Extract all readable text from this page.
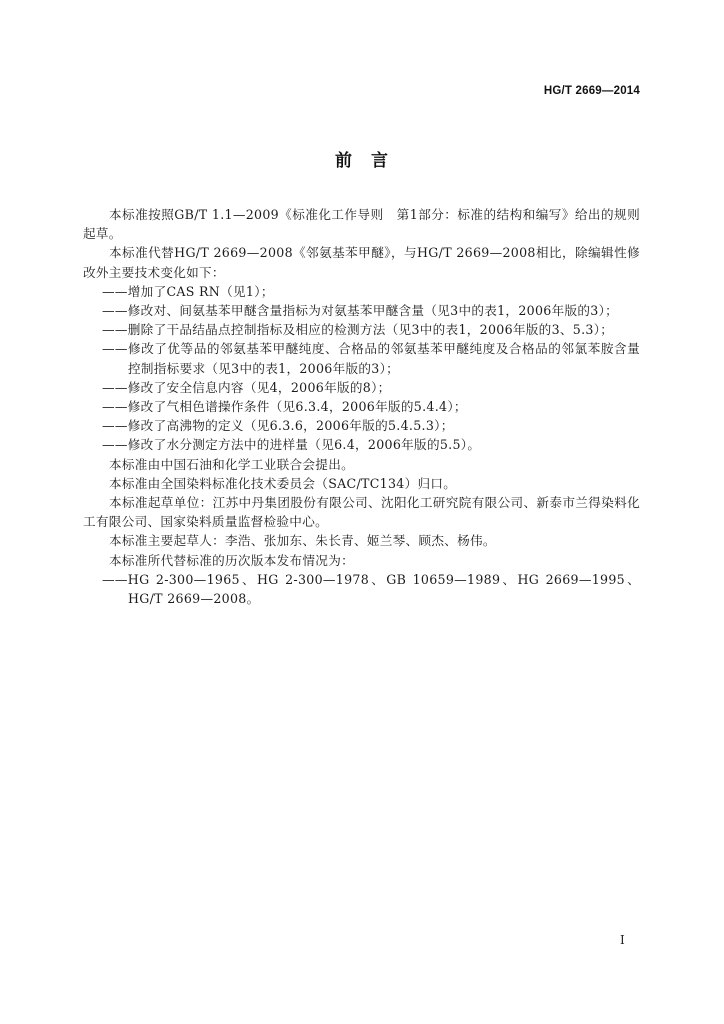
HG/T 2669—2014
前　言

本标准按照GB/T 1.1—2009《标准化工作导则　第1部分：标准的结构和编写》给出的规则起草。

本标准代替HG/T 2669—2008《邻氨基苯甲醚》，与HG/T 2669—2008相比，除编辑性修改外主要技术变化如下：

——增加了CAS RN（见1）；

——修改对、间氨基苯甲醚含量指标为对氨基苯甲醚含量（见3中的表1，2006年版的3）；

——删除了干品结晶点控制指标及相应的检测方法（见3中的表1，2006年版的3、5.3）；

——修改了优等品的邻氨基苯甲醚纯度、合格品的邻氨基苯甲醚纯度及合格品的邻氯苯胺含量控制指标要求（见3中的表1，2006年版的3）；

——修改了安全信息内容（见4，2006年版的8）；

——修改了气相色谱操作条件（见6.3.4，2006年版的5.4.4）；

——修改了高沸物的定义（见6.3.6，2006年版的5.4.5.3）；

——修改了水分测定方法中的进样量（见6.4，2006年版的5.5）。

本标准由中国石油和化学工业联合会提出。

本标准由全国染料标准化技术委员会（SAC/TC134）归口。

本标准起草单位：江苏中丹集团股份有限公司、沈阳化工研究院有限公司、新泰市兰得染料化工有限公司、国家染料质量监督检验中心。

本标准主要起草人：李浩、张加东、朱长青、姬兰琴、顾杰、杨伟。

本标准所代替标准的历次版本发布情况为：

——HG 2-300—1965、HG 2-300—1978、GB 10659—1989、HG 2669—1995、HG/T 2669—2008。

I
